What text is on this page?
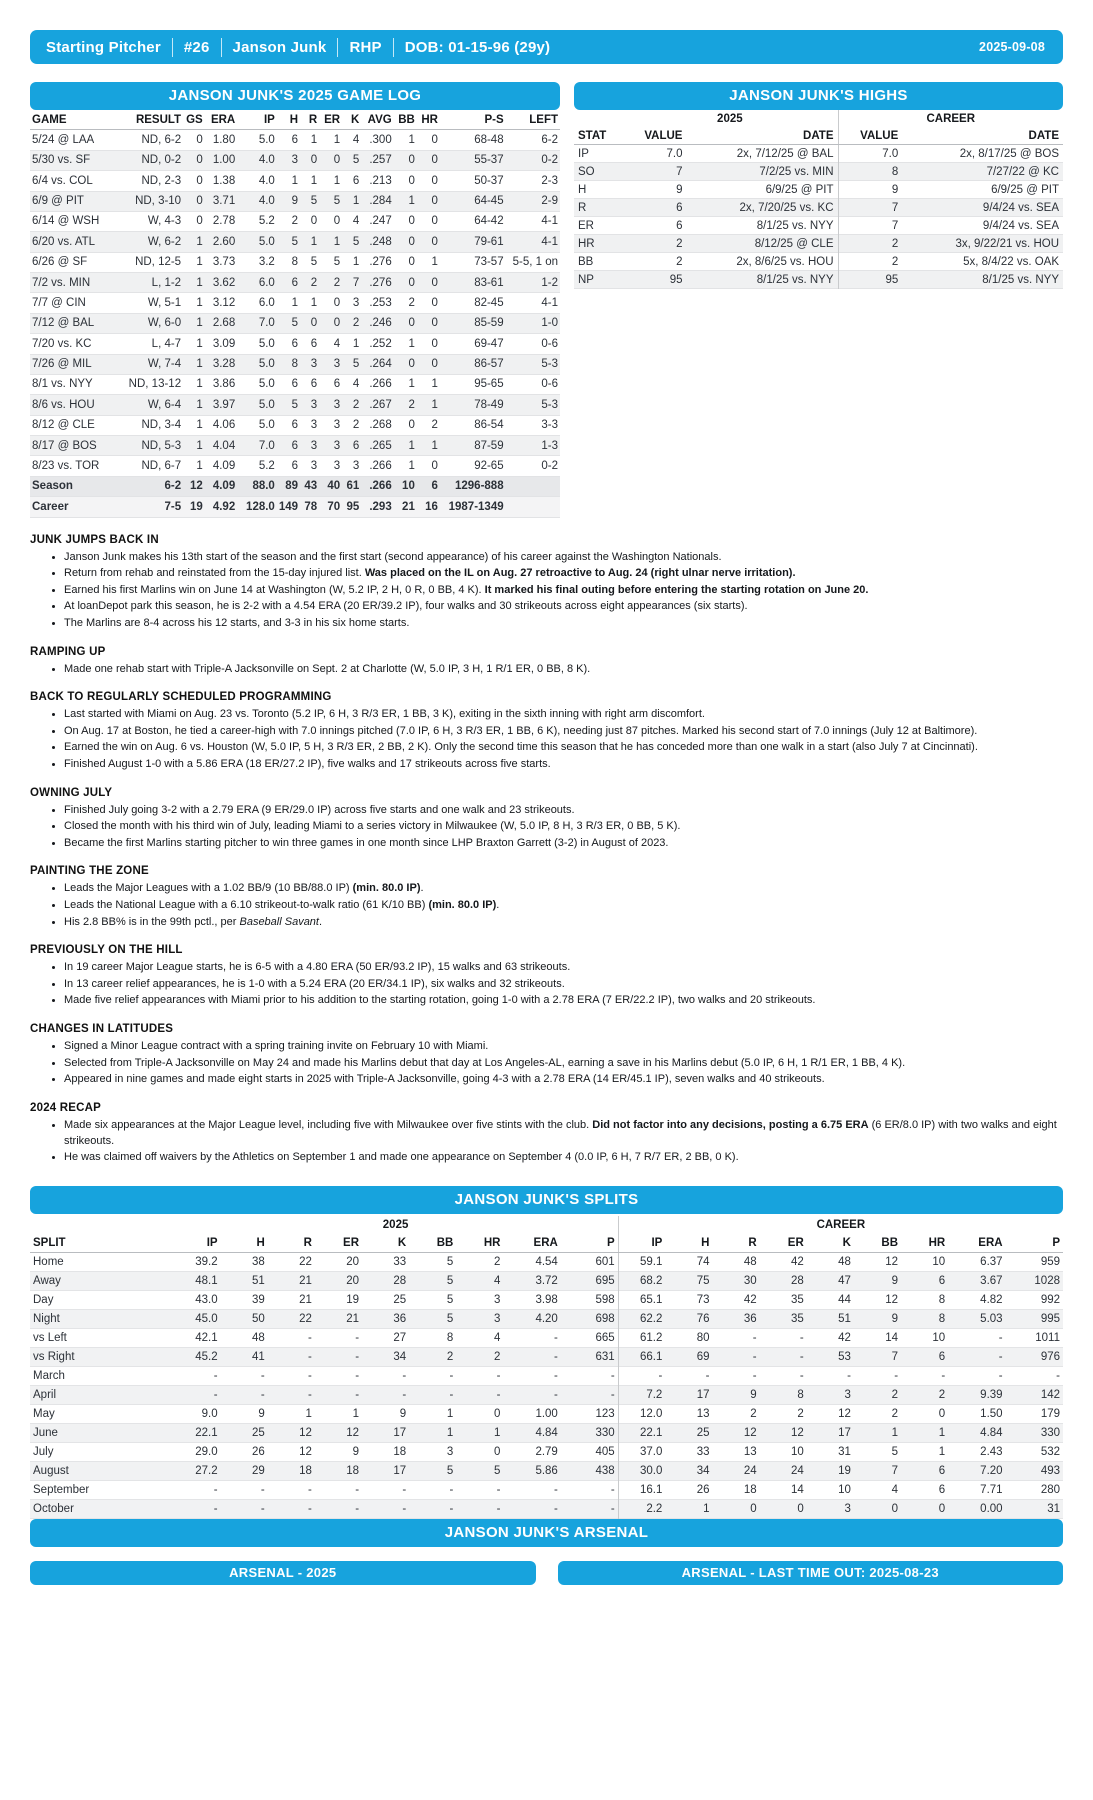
Starting Pitcher	#26	Janson Junk	RHP	DOB: 01-15-96 (29y)	2025-09-08
JANSON JUNK'S 2025 GAME LOG
GAME	RESULT	GS	ERA	IP	H	R	ER	K	AVG	BB	HR	P-S	LEFT
5/24 @ LAA	ND, 6-2	0	1.80	5.0	6	1	1	4	.300	1	0	68-48	6-2
5/30 vs. SF	ND, 0-2	0	1.00	4.0	3	0	0	5	.257	0	0	55-37	0-2
6/4 vs. COL	ND, 2-3	0	1.38	4.0	1	1	1	6	.213	0	0	50-37	2-3
6/9 @ PIT	ND, 3-10	0	3.71	4.0	9	5	5	1	.284	1	0	64-45	2-9
6/14 @ WSH	W, 4-3	0	2.78	5.2	2	0	0	4	.247	0	0	64-42	4-1
6/20 vs. ATL	W, 6-2	1	2.60	5.0	5	1	1	5	.248	0	0	79-61	4-1
6/26 @ SF	ND, 12-5	1	3.73	3.2	8	5	5	1	.276	0	1	73-57	5-5, 1 on
7/2 vs. MIN	L, 1-2	1	3.62	6.0	6	2	2	7	.276	0	0	83-61	1-2
7/7 @ CIN	W, 5-1	1	3.12	6.0	1	1	0	3	.253	2	0	82-45	4-1
7/12 @ BAL	W, 6-0	1	2.68	7.0	5	0	0	2	.246	0	0	85-59	1-0
7/20 vs. KC	L, 4-7	1	3.09	5.0	6	6	4	1	.252	1	0	69-47	0-6
7/26 @ MIL	W, 7-4	1	3.28	5.0	8	3	3	5	.264	0	0	86-57	5-3
8/1 vs. NYY	ND, 13-12	1	3.86	5.0	6	6	6	4	.266	1	1	95-65	0-6
8/6 vs. HOU	W, 6-4	1	3.97	5.0	5	3	3	2	.267	2	1	78-49	5-3
8/12 @ CLE	ND, 3-4	1	4.06	5.0	6	3	3	2	.268	0	2	86-54	3-3
8/17 @ BOS	ND, 5-3	1	4.04	7.0	6	3	3	6	.265	1	1	87-59	1-3
8/23 vs. TOR	ND, 6-7	1	4.09	5.2	6	3	3	3	.266	1	0	92-65	0-2
Season	6-2	12	4.09	88.0	89	43	40	61	.266	10	6	1296-888	
Career	7-5	19	4.92	128.0	149	78	70	95	.293	21	16	1987-1349	
JANSON JUNK'S HIGHS
	2025		CAREER	
STAT	VALUE	DATE	VALUE	DATE
IP	7.0	2x, 7/12/25 @ BAL	7.0	2x, 8/17/25 @ BOS
SO	7	7/2/25 vs. MIN	8	7/27/22 @ KC
H	9	6/9/25 @ PIT	9	6/9/25 @ PIT
R	6	2x, 7/20/25 vs. KC	7	9/4/24 vs. SEA
ER	6	8/1/25 vs. NYY	7	9/4/24 vs. SEA
HR	2	8/12/25 @ CLE	2	3x, 9/22/21 vs. HOU
BB	2	2x, 8/6/25 vs. HOU	2	5x, 8/4/22 vs. OAK
NP	95	8/1/25 vs. NYY	95	8/1/25 vs. NYY
JUNK JUMPS BACK IN
• Janson Junk makes his 13th start of the season and the first start (second appearance) of his career against the Washington Nationals.
• Return from rehab and reinstated from the 15-day injured list. Was placed on the IL on Aug. 27 retroactive to Aug. 24 (right ulnar nerve irritation).
• Earned his first Marlins win on June 14 at Washington (W, 5.2 IP, 2 H, 0 R, 0 BB, 4 K). It marked his final outing before entering the starting rotation on June 20.
• At loanDepot park this season, he is 2-2 with a 4.54 ERA (20 ER/39.2 IP), four walks and 30 strikeouts across eight appearances (six starts).
• The Marlins are 8-4 across his 12 starts, and 3-3 in his six home starts.
RAMPING UP
• Made one rehab start with Triple-A Jacksonville on Sept. 2 at Charlotte (W, 5.0 IP, 3 H, 1 R/1 ER, 0 BB, 8 K).
BACK TO REGULARLY SCHEDULED PROGRAMMING
• Last started with Miami on Aug. 23 vs. Toronto (5.2 IP, 6 H, 3 R/3 ER, 1 BB, 3 K), exiting in the sixth inning with right arm discomfort.
• On Aug. 17 at Boston, he tied a career-high with 7.0 innings pitched (7.0 IP, 6 H, 3 R/3 ER, 1 BB, 6 K), needing just 87 pitches. Marked his second start of 7.0 innings (July 12 at Baltimore).
• Earned the win on Aug. 6 vs. Houston (W, 5.0 IP, 5 H, 3 R/3 ER, 2 BB, 2 K). Only the second time this season that he has conceded more than one walk in a start (also July 7 at Cincinnati).
• Finished August 1-0 with a 5.86 ERA (18 ER/27.2 IP), five walks and 17 strikeouts across five starts.
OWNING JULY
• Finished July going 3-2 with a 2.79 ERA (9 ER/29.0 IP) across five starts and one walk and 23 strikeouts.
• Closed the month with his third win of July, leading Miami to a series victory in Milwaukee (W, 5.0 IP, 8 H, 3 R/3 ER, 0 BB, 5 K).
• Became the first Marlins starting pitcher to win three games in one month since LHP Braxton Garrett (3-2) in August of 2023.
PAINTING THE ZONE
• Leads the Major Leagues with a 1.02 BB/9 (10 BB/88.0 IP) (min. 80.0 IP).
• Leads the National League with a 6.10 strikeout-to-walk ratio (61 K/10 BB) (min. 80.0 IP).
• His 2.8 BB% is in the 99th pctl., per Baseball Savant.
PREVIOUSLY ON THE HILL
• In 19 career Major League starts, he is 6-5 with a 4.80 ERA (50 ER/93.2 IP), 15 walks and 63 strikeouts.
• In 13 career relief appearances, he is 1-0 with a 5.24 ERA (20 ER/34.1 IP), six walks and 32 strikeouts.
• Made five relief appearances with Miami prior to his addition to the starting rotation, going 1-0 with a 2.78 ERA (7 ER/22.2 IP), two walks and 20 strikeouts.
CHANGES IN LATITUDES
• Signed a Minor League contract with a spring training invite on February 10 with Miami.
• Selected from Triple-A Jacksonville on May 24 and made his Marlins debut that day at Los Angeles-AL, earning a save in his Marlins debut (5.0 IP, 6 H, 1 R/1 ER, 1 BB, 4 K).
• Appeared in nine games and made eight starts in 2025 with Triple-A Jacksonville, going 4-3 with a 2.78 ERA (14 ER/45.1 IP), seven walks and 40 strikeouts.
2024 RECAP
• Made six appearances at the Major League level, including five with Milwaukee over five stints with the club. Did not factor into any decisions, posting a 6.75 ERA (6 ER/8.0 IP) with two walks and eight strikeouts.
• He was claimed off waivers by the Athletics on September 1 and made one appearance on September 4 (0.0 IP, 6 H, 7 R/7 ER, 2 BB, 0 K).
JANSON JUNK'S SPLITS
	2025									CAREER								
SPLIT	IP	H	R	ER	K	BB	HR	ERA	P	IP	H	R	ER	K	BB	HR	ERA	P
Home	39.2	38	22	20	33	5	2	4.54	601	59.1	74	48	42	48	12	10	6.37	959
Away	48.1	51	21	20	28	5	4	3.72	695	68.2	75	30	28	47	9	6	3.67	1028
Day	43.0	39	21	19	25	5	3	3.98	598	65.1	73	42	35	44	12	8	4.82	992
Night	45.0	50	22	21	36	5	3	4.20	698	62.2	76	36	35	51	9	8	5.03	995
vs Left	42.1	48	-	-	27	8	4	-	665	61.2	80	-	-	42	14	10	-	1011
vs Right	45.2	41	-	-	34	2	2	-	631	66.1	69	-	-	53	7	6	-	976
March	-	-	-	-	-	-	-	-	-	-	-	-	-	-	-	-	-	-
April	-	-	-	-	-	-	-	-	-	7.2	17	9	8	3	2	2	9.39	142
May	9.0	9	1	1	9	1	0	1.00	123	12.0	13	2	2	12	2	0	1.50	179
June	22.1	25	12	12	17	1	1	4.84	330	22.1	25	12	12	17	1	1	4.84	330
July	29.0	26	12	9	18	3	0	2.79	405	37.0	33	13	10	31	5	1	2.43	532
August	27.2	29	18	18	17	5	5	5.86	438	30.0	34	24	24	19	7	6	7.20	493
September	-	-	-	-	-	-	-	-	-	16.1	26	18	14	10	4	6	7.71	280
October	-	-	-	-	-	-	-	-	-	2.2	1	0	0	3	0	0	0.00	31
JANSON JUNK'S ARSENAL
ARSENAL - 2025	ARSENAL - LAST TIME OUT: 2025-08-23
